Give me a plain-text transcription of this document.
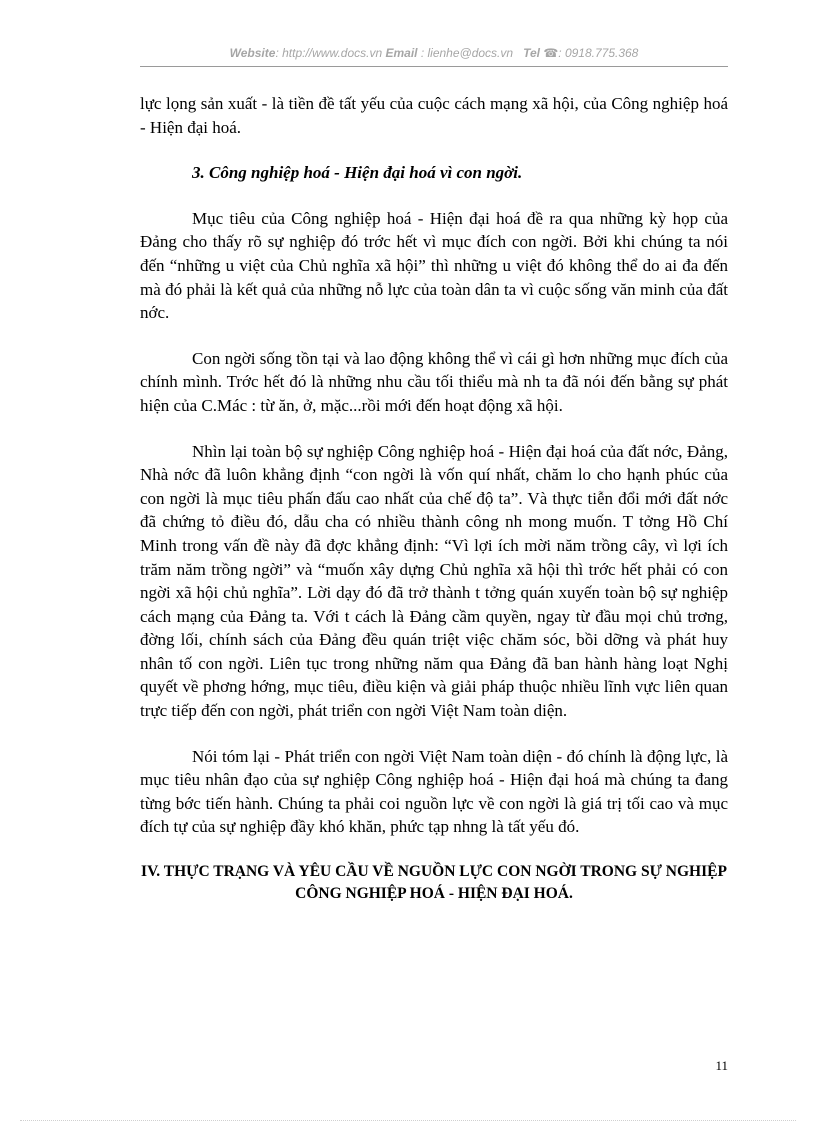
Website: http://www.docs.vn Email : lienhe@docs.vn   Tel ☎: 0918.775.368

lực lọng sản xuất - là tiền đề tất yếu của cuộc cách mạng xã hội, của Công nghiệp hoá - Hiện đại hoá.

3. Công nghiệp hoá - Hiện đại hoá vì con ngời.

Mục tiêu của Công nghiệp hoá - Hiện đại hoá đề ra qua những kỳ họp của Đảng cho thấy rõ sự nghiệp đó trớc hết vì mục đích con ngời. Bởi khi chúng ta nói đến “những u việt của Chủ nghĩa xã hội” thì những u việt đó không thể do ai đa đến mà đó phải là kết quả của những nỗ lực của toàn dân ta vì cuộc sống văn minh của đất nớc.

Con ngời sống tồn tại và lao động không thể vì cái gì hơn những mục đích của chính mình. Trớc hết đó là những nhu cầu tối thiểu mà nh ta đã nói đến bằng sự phát hiện của C.Mác : từ ăn, ở, mặc...rồi mới đến hoạt động xã hội.

Nhìn lại toàn bộ sự nghiệp Công nghiệp hoá - Hiện đại hoá của đất nớc, Đảng, Nhà nớc đã luôn khẳng định “con ngời là vốn quí nhất, chăm lo cho hạnh phúc của con ngời là mục tiêu phấn đấu cao nhất của chế độ ta”. Và thực tiễn đổi mới đất nớc đã chứng tỏ điều đó, dẫu cha có nhiều thành công nh mong muốn. T tởng Hồ Chí Minh trong vấn đề này đã đợc khẳng định: “Vì lợi ích mời năm trồng cây, vì lợi ích trăm năm trồng ngời” và “muốn xây dựng Chủ nghĩa xã hội thì trớc hết phải có con ngời xã hội chủ nghĩa”. Lời dạy đó đã trở thành t tởng quán xuyến toàn bộ sự nghiệp cách mạng của Đảng ta. Với t cách là Đảng cầm quyền, ngay từ đầu mọi chủ trơng, đờng lối, chính sách của Đảng đều quán triệt việc chăm sóc, bồi dỡng và phát huy nhân tố con ngời. Liên tục trong những năm qua Đảng đã ban hành hàng loạt Nghị quyết về phơng hớng, mục tiêu, điều kiện và giải pháp thuộc nhiều lĩnh vực liên quan trực tiếp đến con ngời, phát triển con ngời Việt Nam toàn diện.

Nói tóm lại - Phát triển con ngời Việt Nam toàn diện - đó chính là động lực, là mục tiêu nhân đạo của sự nghiệp Công nghiệp hoá - Hiện đại hoá mà chúng ta đang từng bớc tiến hành. Chúng ta phải coi nguồn lực về con ngời là giá trị tối cao và mục đích tự của sự nghiệp đầy khó khăn, phức tạp nhng là tất yếu đó.

IV. THỰC TRẠNG VÀ YÊU CẦU VỀ NGUỒN LỰC CON NGỜI TRONG SỰ NGHIỆP CÔNG NGHIỆP HOÁ - HIỆN ĐẠI HOÁ.

11
